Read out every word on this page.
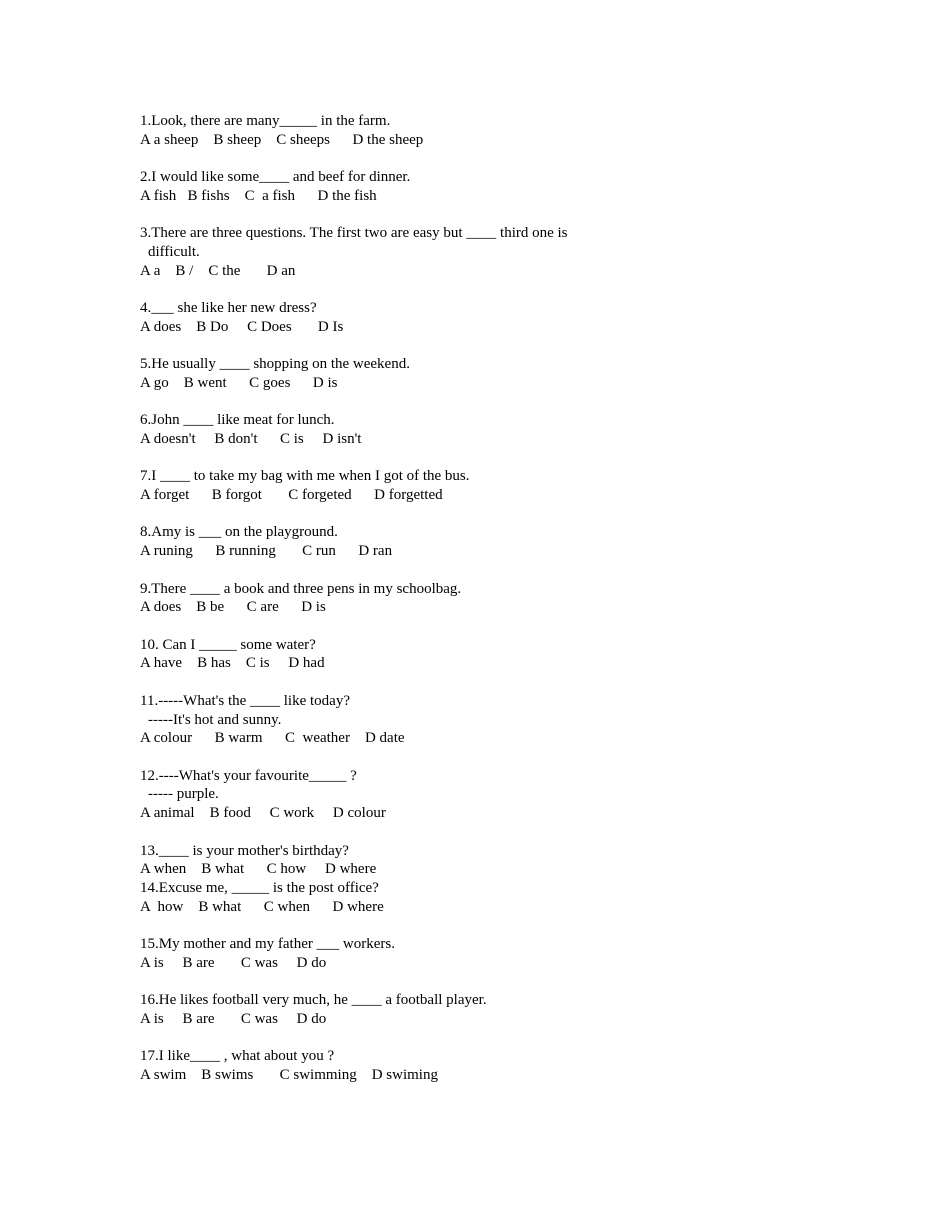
1.Look, there are many_____ in the farm.
A a sheep    B sheep    C sheeps      D the sheep
2.I would like some____ and beef for dinner.
A fish   B fishs    C  a fish      D the fish
3.There are three questions. The first two are easy but ____ third one is
difficult.
A a    B /    C the       D an
4.___ she like her new dress?
A does    B Do     C Does       D Is
5.He usually ____ shopping on the weekend.
A go    B went      C goes      D is
6.John ____ like meat for lunch.
A doesn't     B don't      C is     D isn't
7.I ____ to take my bag with me when I got of the bus.
A forget      B forgot       C forgeted      D forgetted
8.Amy is ___ on the playground.
A runing      B running       C run      D ran
9.There ____ a book and three pens in my schoolbag.
A does    B be      C are      D is
10. Can I _____ some water?
A have    B has    C is     D had
11.-----What's the ____ like today?
-----It's hot and sunny.
A colour      B warm      C  weather    D date
12.----What's your favourite_____ ?
----- purple.
A animal    B food     C work     D colour
13.____ is your mother's birthday?
A when    B what      C how     D where
14.Excuse me, _____ is the post office?
A  how    B what      C when      D where
15.My mother and my father ___ workers.
A is     B are       C was     D do
16.He likes football very much, he ____ a football player.
A is     B are       C was     D do
17.I like____ , what about you ?
A swim    B swims       C swimming    D swiming
